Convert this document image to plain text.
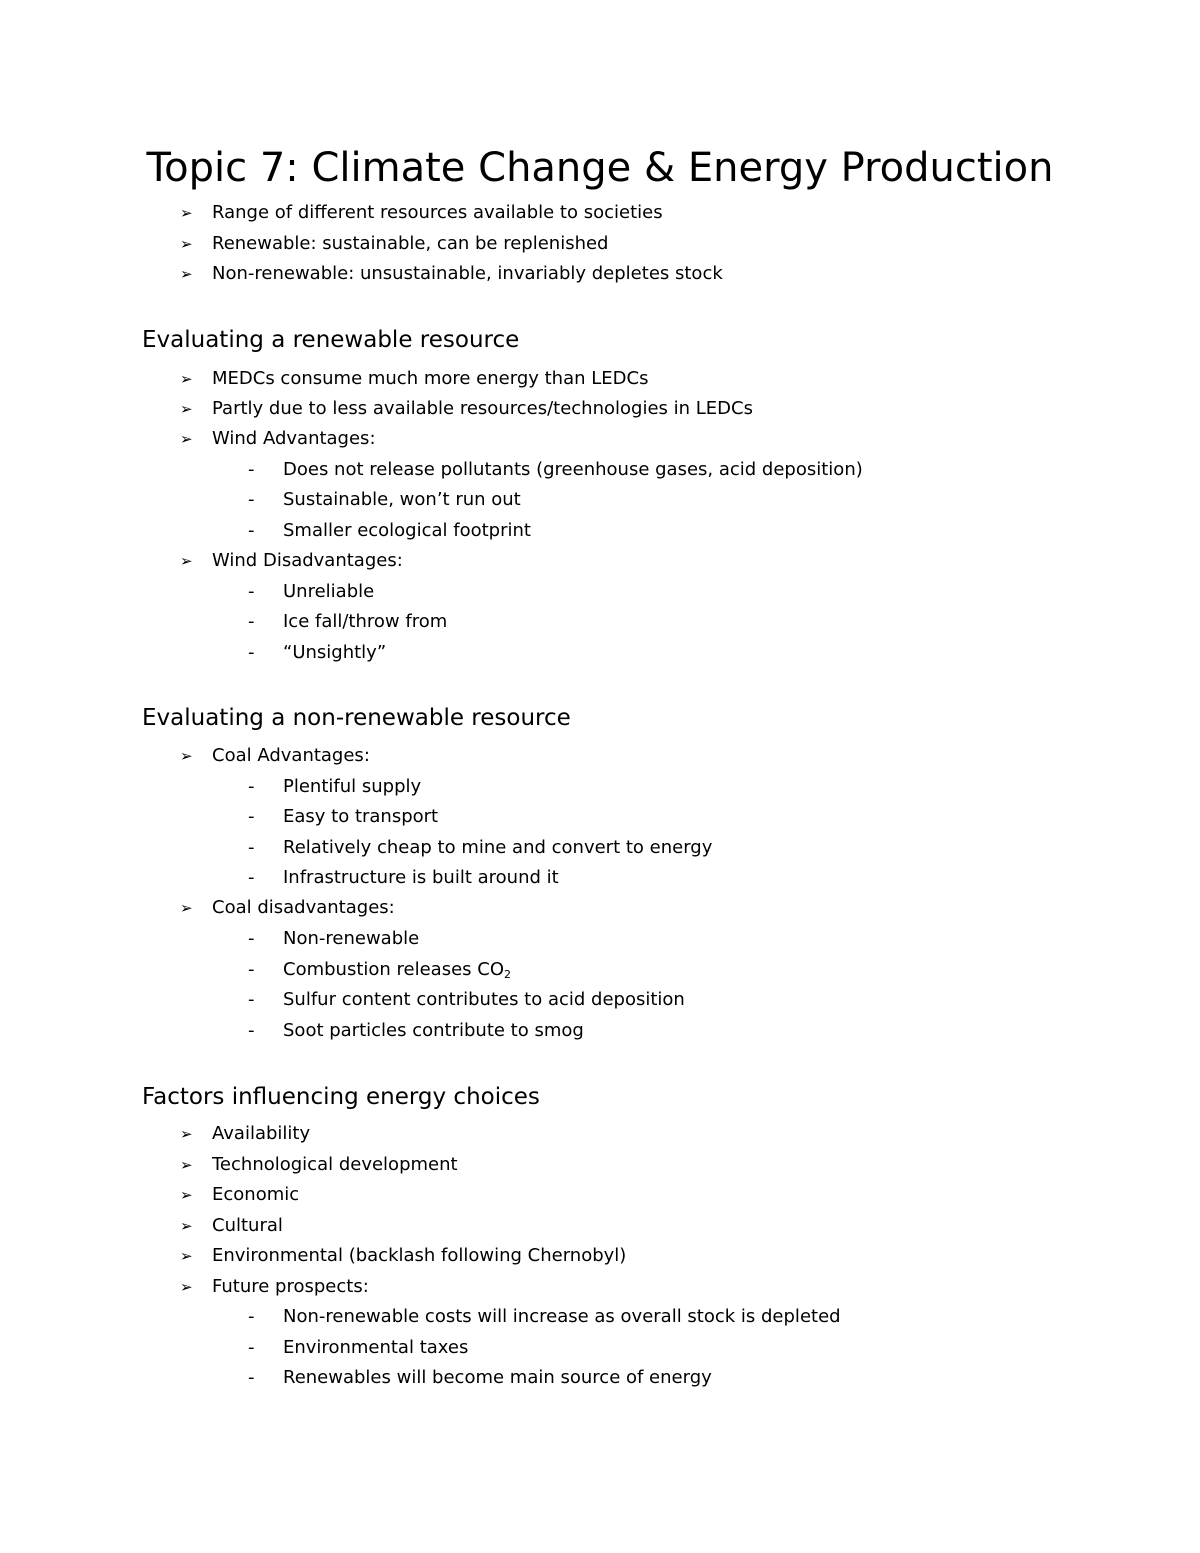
Topic 7: Climate Change & Energy Production
➢	Range of different resources available to societies
➢	Renewable: sustainable, can be replenished
➢	Non-renewable: unsustainable, invariably depletes stock
Evaluating a renewable resource
➢	MEDCs consume much more energy than LEDCs
➢	Partly due to less available resources/technologies in LEDCs
➢	Wind Advantages:
-	Does not release pollutants (greenhouse gases, acid deposition)
-	Sustainable, won’t run out
-	Smaller ecological footprint
➢	Wind Disadvantages:
-	Unreliable
-	Ice fall/throw from
-	“Unsightly”
Evaluating a non-renewable resource
➢	Coal Advantages:
-	Plentiful supply
-	Easy to transport
-	Relatively cheap to mine and convert to energy
-	Infrastructure is built around it
➢	Coal disadvantages:
-	Non-renewable
-	Combustion releases $CO_2$
-	Sulfur content contributes to acid deposition
-	Soot particles contribute to smog
Factors influencing energy choices
➢	Availability
➢	Technological development
➢	Economic
➢	Cultural
➢	Environmental (backlash following Chernobyl)
➢	Future prospects:
-	Non-renewable costs will increase as overall stock is depleted
-	Environmental taxes
-	Renewables will become main source of energy
